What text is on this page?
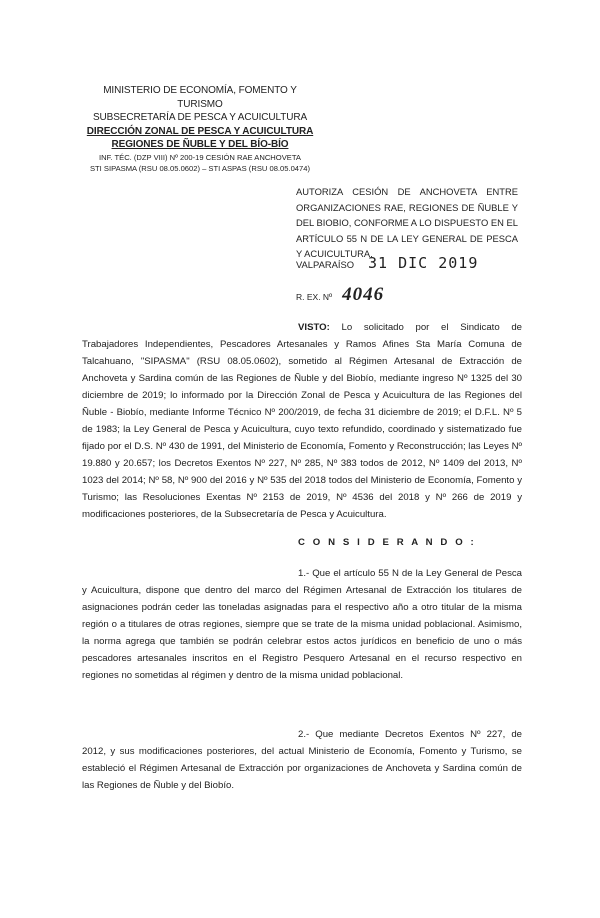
MINISTERIO DE ECONOMÍA, FOMENTO Y TURISMO
SUBSECRETARÍA DE PESCA Y ACUICULTURA
DIRECCIÓN ZONAL DE PESCA Y ACUICULTURA
REGIONES DE ÑUBLE Y DEL BÍO-BÍO
INF. TÉC. (DZP VIII) Nº 200-19 CESIÓN RAE ANCHOVETA
STI SIPASMA (RSU 08.05.0602) – STI ASPAS (RSU 08.05.0474)
AUTORIZA CESIÓN DE ANCHOVETA ENTRE ORGANIZACIONES RAE, REGIONES DE ÑUBLE Y DEL BIOBIO, CONFORME A LO DISPUESTO EN EL ARTÍCULO 55 N DE LA LEY GENERAL DE PESCA Y ACUICULTURA.
VALPARAÍSO 31 DIC 2019
R. EX. Nº 4046
VISTO: Lo solicitado por el Sindicato de Trabajadores Independientes, Pescadores Artesanales y Ramos Afines Sta María Comuna de Talcahuano, "SIPASMA" (RSU 08.05.0602), sometido al Régimen Artesanal de Extracción de Anchoveta y Sardina común de las Regiones de Ñuble y del Biobío, mediante ingreso Nº 1325 del 30 diciembre de 2019; lo informado por la Dirección Zonal de Pesca y Acuicultura de las Regiones del Ñuble - Biobío, mediante Informe Técnico Nº 200/2019, de fecha 31 diciembre de 2019; el D.F.L. Nº 5 de 1983; la Ley General de Pesca y Acuicultura, cuyo texto refundido, coordinado y sistematizado fue fijado por el D.S. Nº 430 de 1991, del Ministerio de Economía, Fomento y Reconstrucción; las Leyes Nº 19.880 y 20.657; los Decretos Exentos Nº 227, Nº 285, Nº 383 todos de 2012, Nº 1409 del 2013, Nº 1023 del 2014; Nº 58, Nº 900 del 2016 y Nº 535 del 2018 todos del Ministerio de Economía, Fomento y Turismo; las Resoluciones Exentas Nº 2153 de 2019, Nº 4536 del 2018 y Nº 266 de 2019 y modificaciones posteriores, de la Subsecretaría de Pesca y Acuicultura.
C O N S I D E R A N D O :
1.- Que el artículo 55 N de la Ley General de Pesca y Acuicultura, dispone que dentro del marco del Régimen Artesanal de Extracción los titulares de asignaciones podrán ceder las toneladas asignadas para el respectivo año a otro titular de la misma región o a titulares de otras regiones, siempre que se trate de la misma unidad poblacional. Asimismo, la norma agrega que también se podrán celebrar estos actos jurídicos en beneficio de uno o más pescadores artesanales inscritos en el Registro Pesquero Artesanal en el recurso respectivo en regiones no sometidas al régimen y dentro de la misma unidad poblacional.
2.- Que mediante Decretos Exentos Nº 227, de 2012, y sus modificaciones posteriores, del actual Ministerio de Economía, Fomento y Turismo, se estableció el Régimen Artesanal de Extracción por organizaciones de Anchoveta y Sardina común de las Regiones de Ñuble y del Biobío.
